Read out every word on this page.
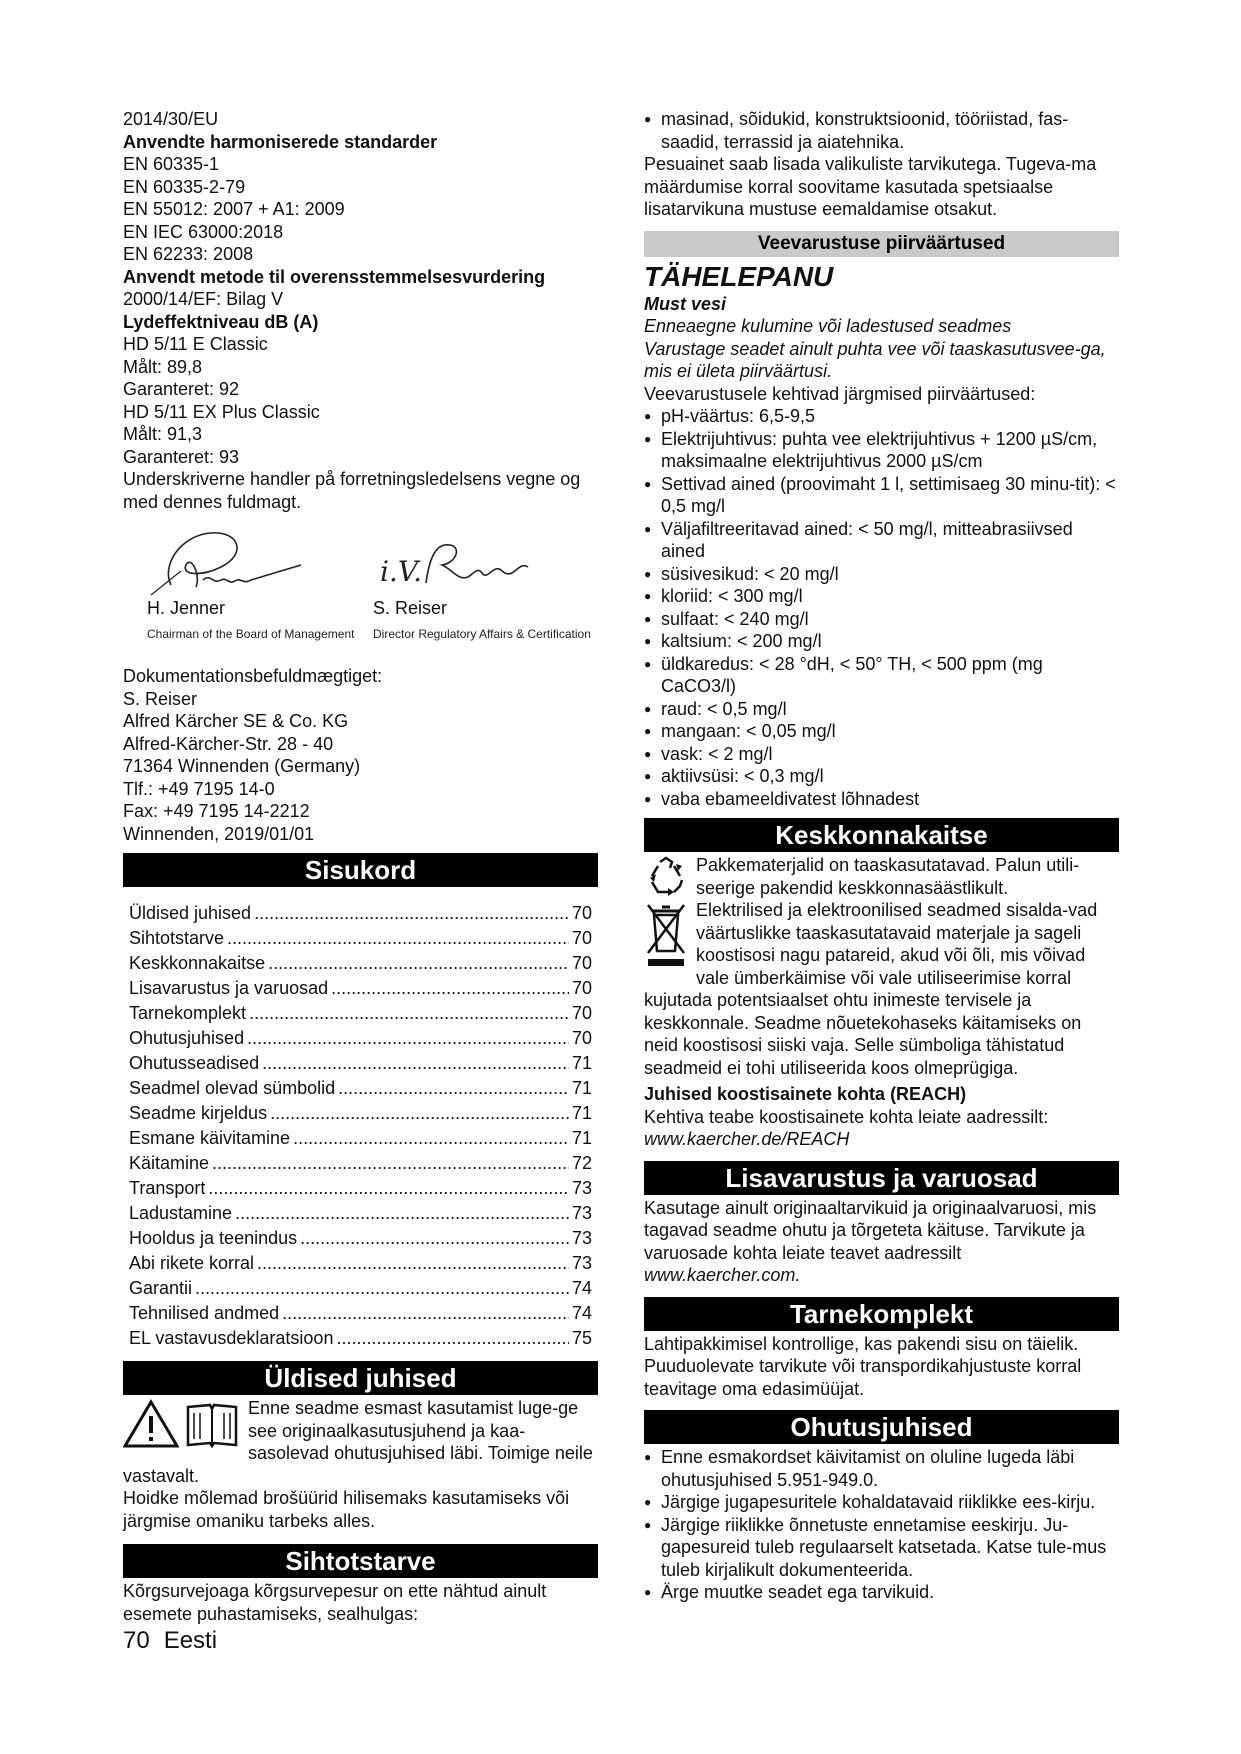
2014/30/EU

Anvendte harmoniserede standarder

EN 60335-1

EN 60335-2-79

EN 55012: 2007 + A1: 2009

EN IEC 63000:2018

EN 62233: 2008

Anvendt metode til overensstemmelsesvurdering

2000/14/EF: Bilag V

Lydeffektniveau dB (A)

HD 5/11 E Classic

Målt: 89,8

Garanteret: 92

HD 5/11 EX Plus Classic

Målt: 91,3

Garanteret: 93

Underskriverne handler på forretningsledelsens vegne og med dennes fuldmagt.

i.V.
H. Jenner
Chairman of the Board of Management
S. Reiser
Director Regulatory Affairs & Certification

Dokumentationsbefuldmægtiget:

S. Reiser

Alfred Kärcher SE & Co. KG

Alfred-Kärcher-Str. 28 - 40

71364 Winnenden (Germany)

Tlf.: +49 7195 14-0

Fax: +49 7195 14-2212

Winnenden, 2019/01/01

Sisukord
Üldised juhised .....	70
Sihtotstarve .....	70
Keskkonnakaitse .....	70
Lisavarustus ja varuosad .....	70
Tarnekomplekt .....	70
Ohutusjuhised .....	70
Ohutusseadised .....	71
Seadmel olevad sümbolid .....	71
Seadme kirjeldus .....	71
Esmane käivitamine .....	71
Käitamine .....	72
Transport .....	73
Ladustamine .....	73
Hooldus ja teenindus .....	73
Abi rikete korral .....	73
Garantii .....	74
Tehnilised andmed .....	74
EL vastavusdeklaratsioon .....	75
Üldised juhised

Enne seadme esmast kasutamist luge-ge see originaalkasutusjuhend ja kaa-sasolevad ohutusjuhised läbi. Toimige neile vastavalt.

Hoidke mõlemad brošüürid hilisemaks kasutamiseks või järgmise omaniku tarbeks alles.

Sihtotstarve

Kõrgsurvejoaga kõrgsurvepesur on ette nähtud ainult esemete puhastamiseks, sealhulgas:

● masinad, sõidukid, konstruktsioonid, tööriistad, fas-saadid, terrassid ja aiatehnika.

Pesuainet saab lisada valikuliste tarvikutega. Tugeva-ma määrdumise korral soovitame kasutada spetsiaalse lisatarvikuna mustuse eemaldamise otsakut.

Veevarustuse piirväärtused

TÄHELEPANU

Must vesi

Enneaegne kulumine või ladestused seadmes

Varustage seadet ainult puhta vee või taaskasutusvee-ga, mis ei ületa piirväärtusi.

Veevarustusele kehtivad järgmised piirväärtused:

● pH-väärtus: 6,5-9,5
● Elektrijuhtivus: puhta vee elektrijuhtivus + 1200 µS/cm, maksimaalne elektrijuhtivus 2000 µS/cm
● Settivad ained (proovimaht 1 l, settimisaeg 30 minu-tit): < 0,5 mg/l
● Väljafiltreeritavad ained: < 50 mg/l, mitteabrasiivsed ained
● süsivesikud: < 20 mg/l
● kloriid: < 300 mg/l
● sulfaat: < 240 mg/l
● kaltsium: < 200 mg/l
● üldkaredus: < 28 °dH, < 50° TH, < 500 ppm (mg CaCO3/l)
● raud: < 0,5 mg/l
● mangaan: < 0,05 mg/l
● vask: < 2 mg/l
● aktiivsüsi: < 0,3 mg/l
● vaba ebameeldivatest lõhnadest
Keskkonnakaitse

Pakkematerjalid on taaskasutatavad. Palun utili-seerige pakendid keskkonnasäästlikult.

Elektrilised ja elektroonilised seadmed sisalda-vad väärtuslikke taaskasutatavaid materjale ja sageli koostisosi nagu patareid, akud või õli, mis võivad vale ümberkäimise või vale utiliseerimise korral kujutada potentsiaalset ohtu inimeste tervisele ja keskkonnale. Seadme nõuetekohaseks käitamiseks on neid koostisosi siiski vaja. Selle sümboliga tähistatud seadmeid ei tohi utiliseerida koos olmeprügiga.

Juhised koostisainete kohta (REACH)

Kehtiva teabe koostisainete kohta leiate aadressilt:

www.kaercher.de/REACH

Lisavarustus ja varuosad

Kasutage ainult originaaltarvikuid ja originaalvaruosi, mis tagavad seadme ohutu ja tõrgeteta käituse. Tarvikute ja varuosade kohta leiate teavet aadressilt

www.kaercher.com.

Tarnekomplekt

Lahtipakkimisel kontrollige, kas pakendi sisu on täielik. Puuduolevate tarvikute või transpordikahjustuste korral teavitage oma edasimüüjat.

Ohutusjuhised
● Enne esmakordset käivitamist on oluline lugeda läbi ohutusjuhised 5.951-949.0.
● Järgige jugapesuritele kohaldatavaid riiklikke ees-kirju.
● Järgige riiklikke õnnetuste ennetamise eeskirju. Ju-gapesureid tuleb regulaarselt katsetada. Katse tule-mus tuleb kirjalikult dokumenteerida.
● Ärge muutke seadet ega tarvikuid.
70 Eesti
